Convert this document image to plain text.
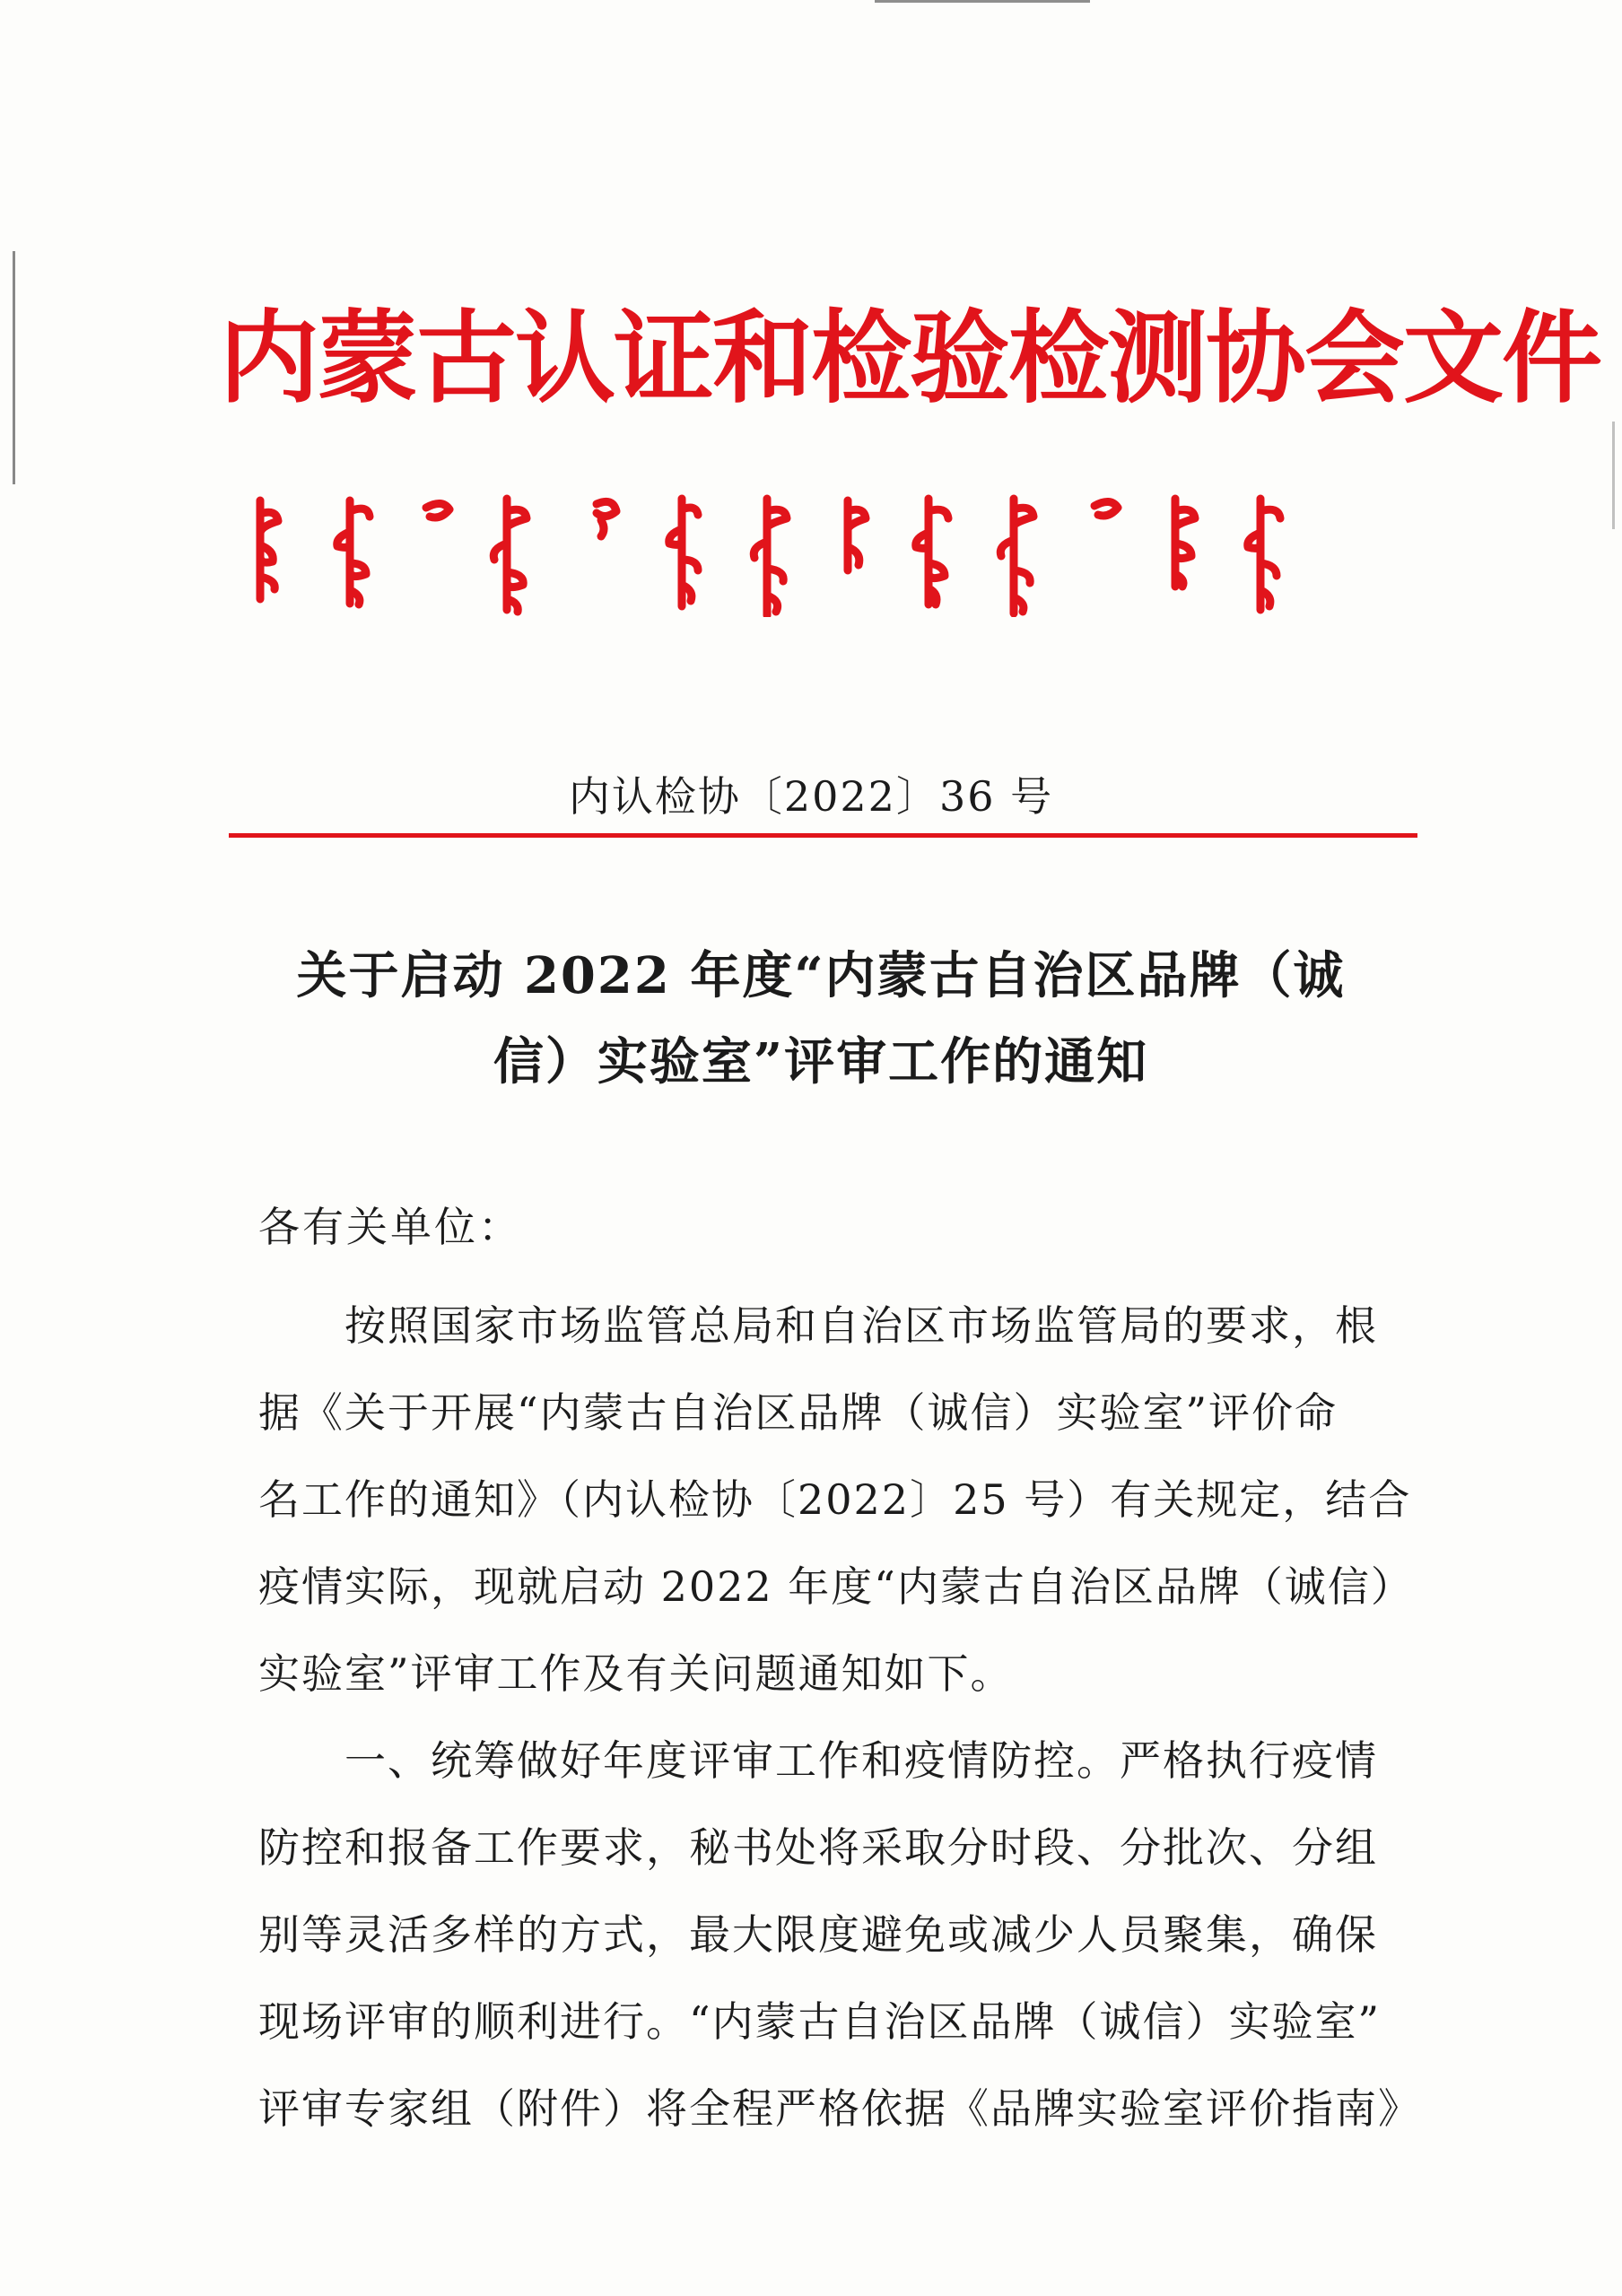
内蒙古认证和检验检测协会文件
内认检协〔2022〕36 号
关于启动 2022 年度“内蒙古自治区品牌（诚
信）实验室”评审工作的通知
各有关单位：
按照国家市场监管总局和自治区市场监管局的要求，根
据《关于开展“内蒙古自治区品牌（诚信）实验室”评价命
名工作的通知》（内认检协〔2022〕25 号）有关规定，结合
疫情实际，现就启动 2022 年度“内蒙古自治区品牌（诚信）
实验室”评审工作及有关问题通知如下。
一、统筹做好年度评审工作和疫情防控。严格执行疫情
防控和报备工作要求，秘书处将采取分时段、分批次、分组
别等灵活多样的方式，最大限度避免或减少人员聚集，确保
现场评审的顺利进行。“内蒙古自治区品牌（诚信）实验室”
评审专家组（附件）将全程严格依据《品牌实验室评价指南》
